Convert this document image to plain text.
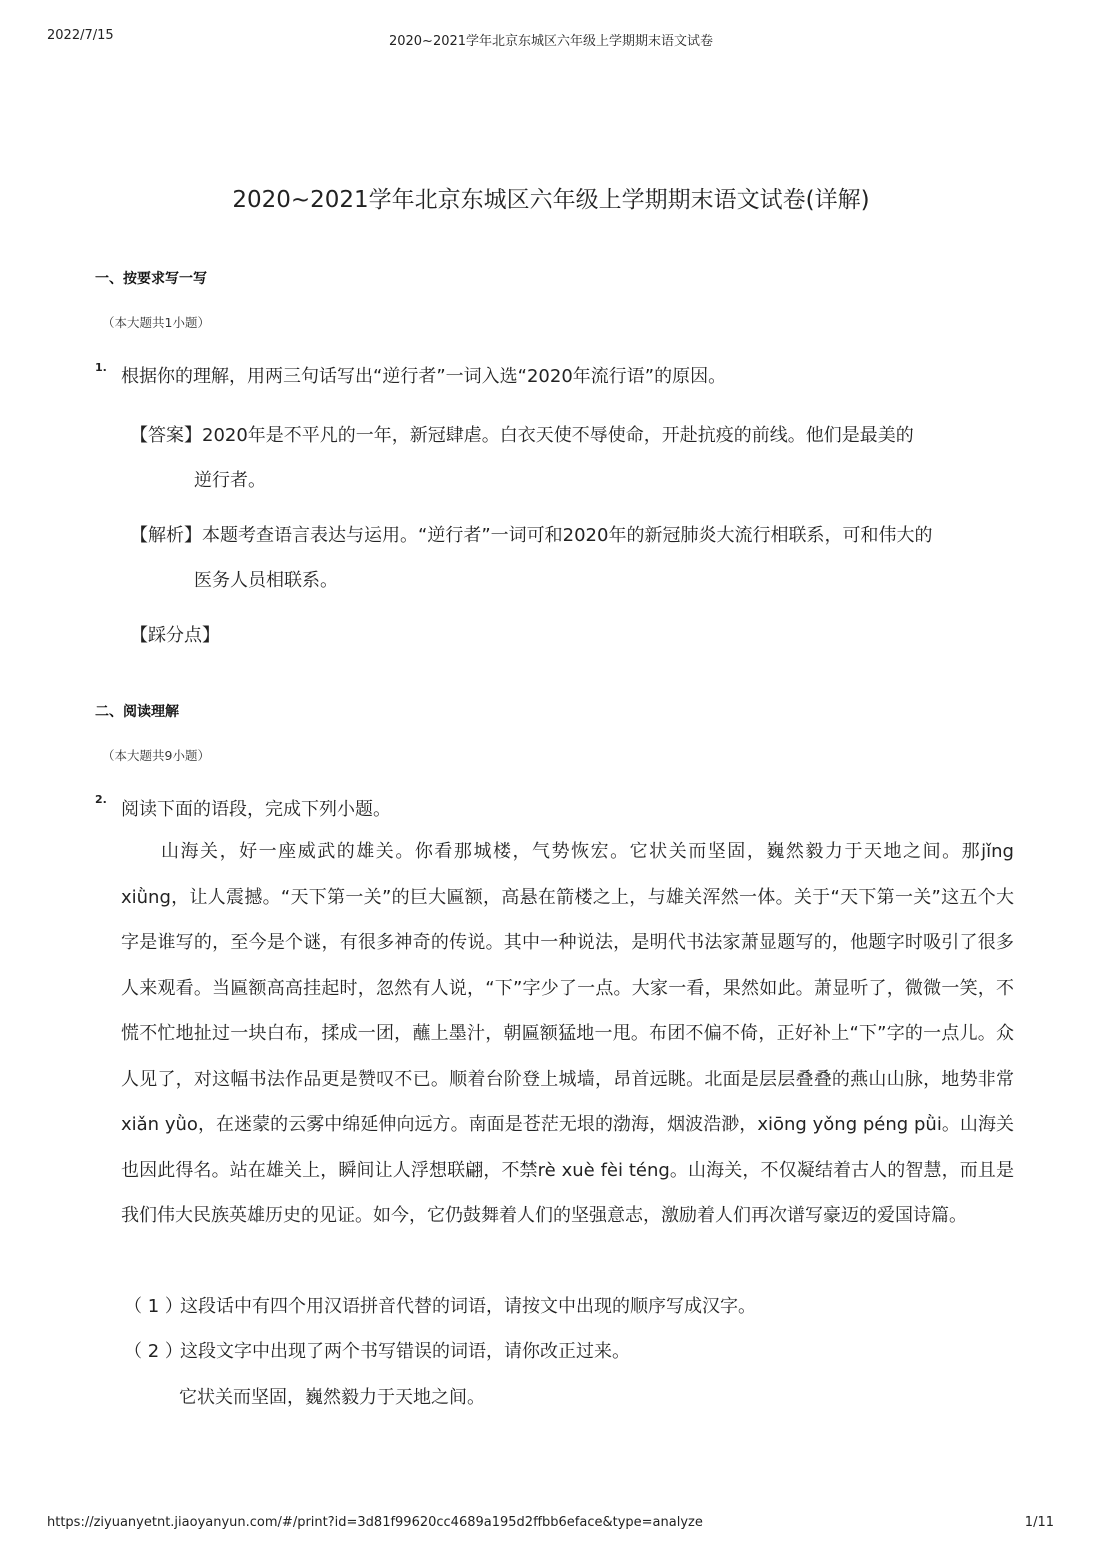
2022/7/15	2020~2021学年北京东城区六年级上学期期末语文试卷
2020~2021学年北京东城区六年级上学期期末语文试卷(详解)
一、按要求写一写
（本大题共1小题）
1. 根据你的理解，用两三句话写出“逆行者”一词入选“2020年流行语”的原因。
【答案】2020年是不平凡的一年，新冠肆虐。白衣天使不辱使命，开赴抗疫的前线。他们是最美的
逆行者。
【解析】本题考查语言表达与运用。“逆行者”一词可和2020年的新冠肺炎大流行相联系，可和伟大的
医务人员相联系。
【踩分点】
二、阅读理解
（本大题共9小题）
2. 阅读下面的语段，完成下列小题。
山海关，好一座威武的雄关。你看那城楼，气势恢宏。它状关而坚固，巍然毅力于天地之间。那jǐng xiǜng，让人震撼。“天下第一关”的巨大匾额，高悬在箭楼之上，与雄关浑然一体。关于“天下第一关”这五个大字是谁写的，至今是个谜，有很多神奇的传说。其中一种说法，是明代书法家萧显题写的，他题字时吸引了很多人来观看。当匾额高高挂起时，忽然有人说，“下”字少了一点。大家一看，果然如此。萧显听了，微微一笑，不慌不忙地扯过一块白布，揉成一团，蘸上墨汁，朝匾额猛地一甩。布团不偏不倚，正好补上“下”字的一点儿。众人见了，对这幅书法作品更是赞叹不已。顺着台阶登上城墙，昂首远眺。北面是层层叠叠的燕山山脉，地势非常xiǎn yǜo，在迷蒙的云雾中绵延伸向远方。南面是苍茫无垠的渤海，烟波浩渺，xiōng yǒng péng pǜi。山海关也因此得名。站在雄关上，瞬间让人浮想联翩，不禁rè xuè fèi téng。山海关，不仅凝结着古人的智慧，而且是我们伟大民族英雄历史的见证。如今，它仍鼓舞着人们的坚强意志，激励着人们再次谱写豪迈的爱国诗篇。
（ 1 ）这段话中有四个用汉语拼音代替的词语，请按文中出现的顺序写成汉字。
（ 2 ）这段文字中出现了两个书写错误的词语，请你改正过来。
它状关而坚固，巍然毅力于天地之间。
https://ziyuanyetnt.jiaoyanyun.com/#/print?id=3d81f99620cc4689a195d2ffbb6eface&type=analyze	1/11
